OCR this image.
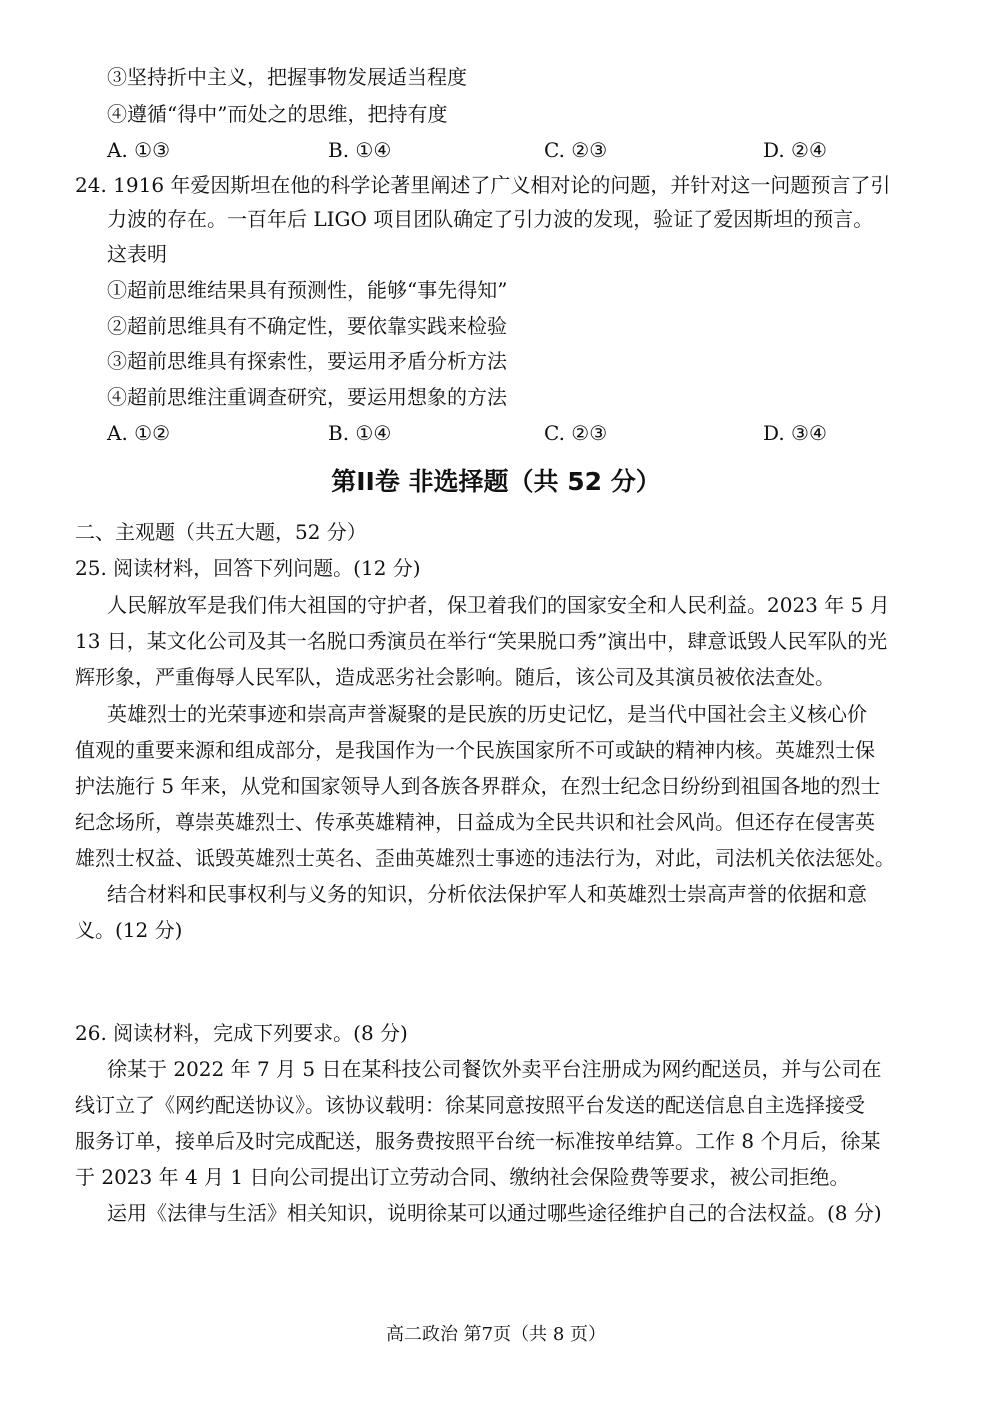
③坚持折中主义，把握事物发展适当程度
④遵循“得中”而处之的思维，把持有度
A. ①③	B. ①④	C. ②③	D. ②④
24. 1916 年爱因斯坦在他的科学论著里阐述了广义相对论的问题，并针对这一问题预言了引
力波的存在。一百年后 LIGO 项目团队确定了引力波的发现，验证了爱因斯坦的预言。
这表明
①超前思维结果具有预测性，能够“事先得知”
②超前思维具有不确定性，要依靠实践来检验
③超前思维具有探索性，要运用矛盾分析方法
④超前思维注重调查研究，要运用想象的方法
A. ①②	B. ①④	C. ②③	D. ③④
第II卷 非选择题（共 52 分）
二、主观题（共五大题，52 分）
25. 阅读材料，回答下列问题。(12 分)
人民解放军是我们伟大祖国的守护者，保卫着我们的国家安全和人民利益。2023 年 5 月
13 日，某文化公司及其一名脱口秀演员在举行“笑果脱口秀”演出中，肆意诋毁人民军队的光
辉形象，严重侮辱人民军队，造成恶劣社会影响。随后，该公司及其演员被依法查处。
英雄烈士的光荣事迹和崇高声誉凝聚的是民族的历史记忆，是当代中国社会主义核心价
值观的重要来源和组成部分，是我国作为一个民族国家所不可或缺的精神内核。英雄烈士保
护法施行 5 年来，从党和国家领导人到各族各界群众，在烈士纪念日纷纷到祖国各地的烈士
纪念场所，尊崇英雄烈士、传承英雄精神，日益成为全民共识和社会风尚。但还存在侵害英
雄烈士权益、诋毁英雄烈士英名、歪曲英雄烈士事迹的违法行为，对此，司法机关依法惩处。
结合材料和民事权利与义务的知识，分析依法保护军人和英雄烈士崇高声誉的依据和意
义。(12 分)
26. 阅读材料，完成下列要求。(8 分)
徐某于 2022 年 7 月 5 日在某科技公司餐饮外卖平台注册成为网约配送员，并与公司在
线订立了《网约配送协议》。该协议载明：徐某同意按照平台发送的配送信息自主选择接受
服务订单，接单后及时完成配送，服务费按照平台统一标准按单结算。工作 8 个月后，徐某
于 2023 年 4 月 1 日向公司提出订立劳动合同、缴纳社会保险费等要求，被公司拒绝。
运用《法律与生活》相关知识，说明徐某可以通过哪些途径维护自己的合法权益。(8 分)
高二政治 第7页（共 8 页）
